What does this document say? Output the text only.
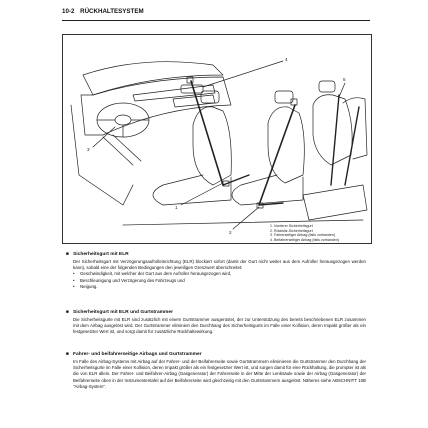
10-2 RÜCKHALTESYSTEM
4
3
1
2
5
1. Vorderer Sicherheitsgurt
2. Rücksitz-Sicherheitsgurt
3. Fahrerseitiger Airbag (falls vorhanden)
4. Beifahrerseitiger Airbag (falls vorhanden)
■ Sicherheitsgurt mit ELR
Der Sicherheitsgurt mit Verzögerungsaufrolleinrichtung (ELR) blockiert sofort (damit der Gurt nicht weiter aus dem Aufroller herausgezogen werden kann), sobald eine der folgenden Bedingungen den jeweiligen Grenzwert überschreitet:
• Geschwindigkeit, mit welcher der Gurt aus dem Aufroller herausgezogen wird,
• Beschleunigung und Verzögerung des Fahrzeugs und
• Neigung.
■ Sicherheitsgurt mit ELR und Gurtstrammer
Die Sicherheitsgurte mit ELR sind zusätzlich mit einem Gurtstrammer ausgerüstet, der zur Unterstützung des bereits beschriebenen ELR zusammen mit dem Airbag ausgelöst wird. Der Gurtstrammer eliminiert den Durchhang des Sicherheitsgurts im Falle einer Kollision, deren Impakt größer als ein festgesetzter Wert ist, und sorgt damit für zusätzliche Rückhaltewirkung.
■ Fahrer- und beifahrerseitige Airbags und Gurtstrammer
Im Falle des Airbag-Systems mit Airbag auf der Fahrer- und der Beifahrerseite sowie Gurtstrammern eliminieren die Gurtstrammer den Durchhang der Sicherheitsgurte im Falle einer Kollision, deren Impakt größer als ein festgesetzter Wert ist, und sorgen damit für eine Rückhaltung, die prompter ist als die von ELR allein. Der Fahrer- und Beifahrer-Airbag (Gasgenerator) der Fahrerseite in der Mitte der Lenksäule sowie der Airbag (Gasgenerator) der Beifahrerseite oben in der Instrumententafel auf der Beifahrerseite wird gleichzeitig mit den Gurtstrammern ausgelöst. Näheres siehe ABSCHNITT 10B "Airbag-System".
